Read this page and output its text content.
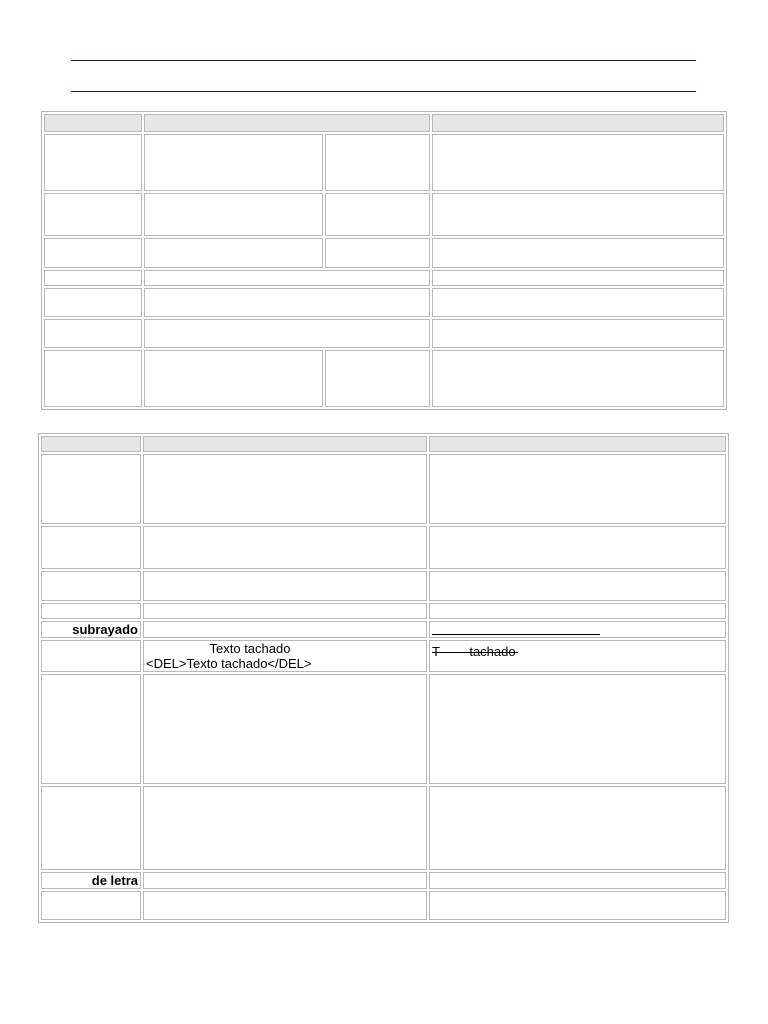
subrayado		

	Texto tachado
<DEL>Texto tachado</DEL>	T tachado

de letra		
